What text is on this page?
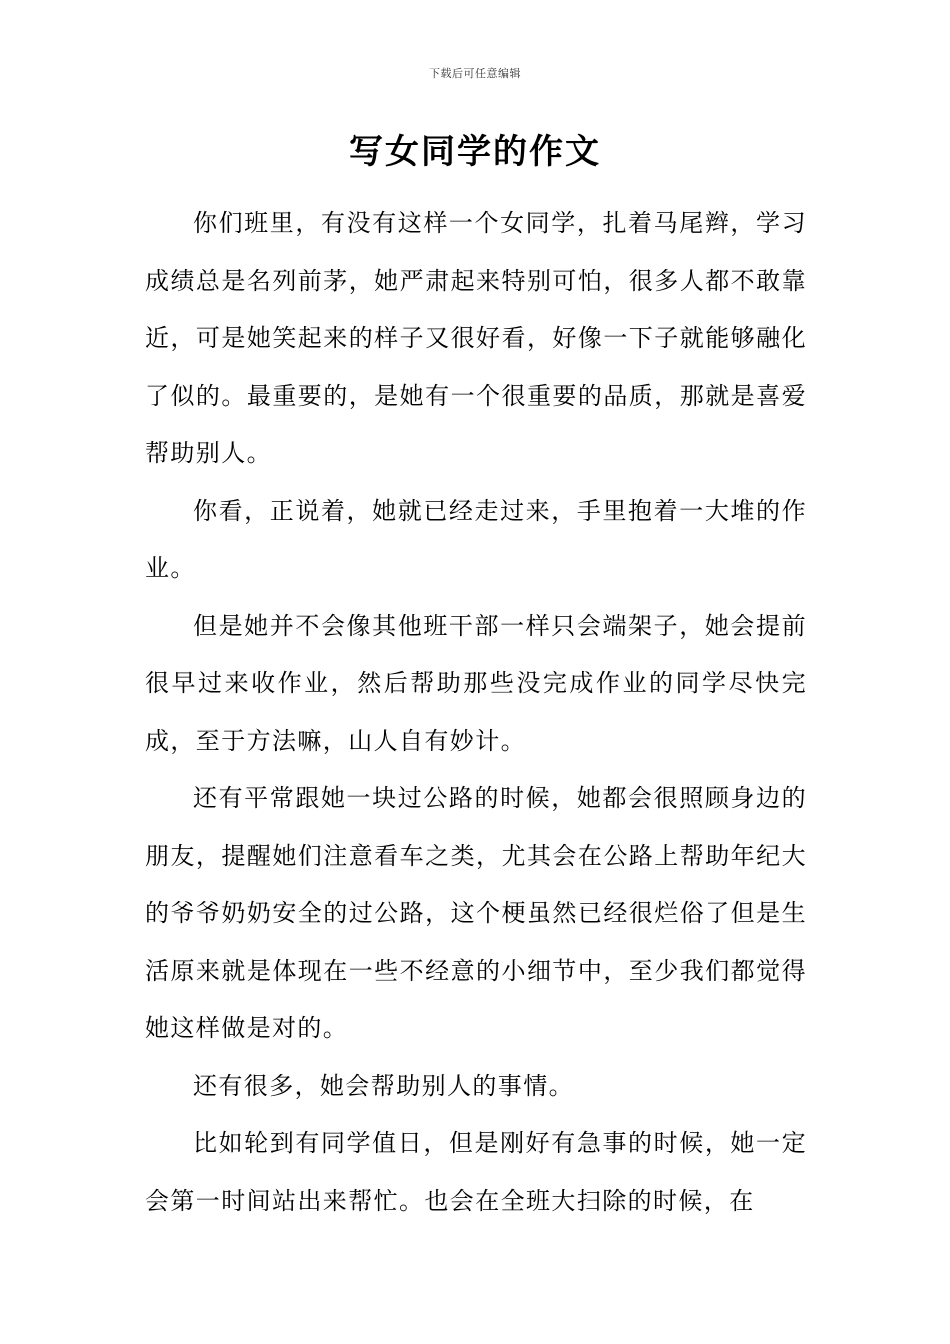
下载后可任意编辑
写女同学的作文

你们班里，有没有这样一个女同学，扎着马尾辫，学习成绩总是名列前茅，她严肃起来特别可怕，很多人都不敢靠近，可是她笑起来的样子又很好看，好像一下子就能够融化了似的。最重要的，是她有一个很重要的品质，那就是喜爱帮助别人。

你看，正说着，她就已经走过来，手里抱着一大堆的作业。

但是她并不会像其他班干部一样只会端架子，她会提前很早过来收作业，然后帮助那些没完成作业的同学尽快完成，至于方法嘛，山人自有妙计。

还有平常跟她一块过公路的时候，她都会很照顾身边的朋友，提醒她们注意看车之类，尤其会在公路上帮助年纪大的爷爷奶奶安全的过公路，这个梗虽然已经很烂俗了但是生活原来就是体现在一些不经意的小细节中，至少我们都觉得她这样做是对的。

还有很多，她会帮助别人的事情。

比如轮到有同学值日，但是刚好有急事的时候，她一定会第一时间站出来帮忙。也会在全班大扫除的时候，在
